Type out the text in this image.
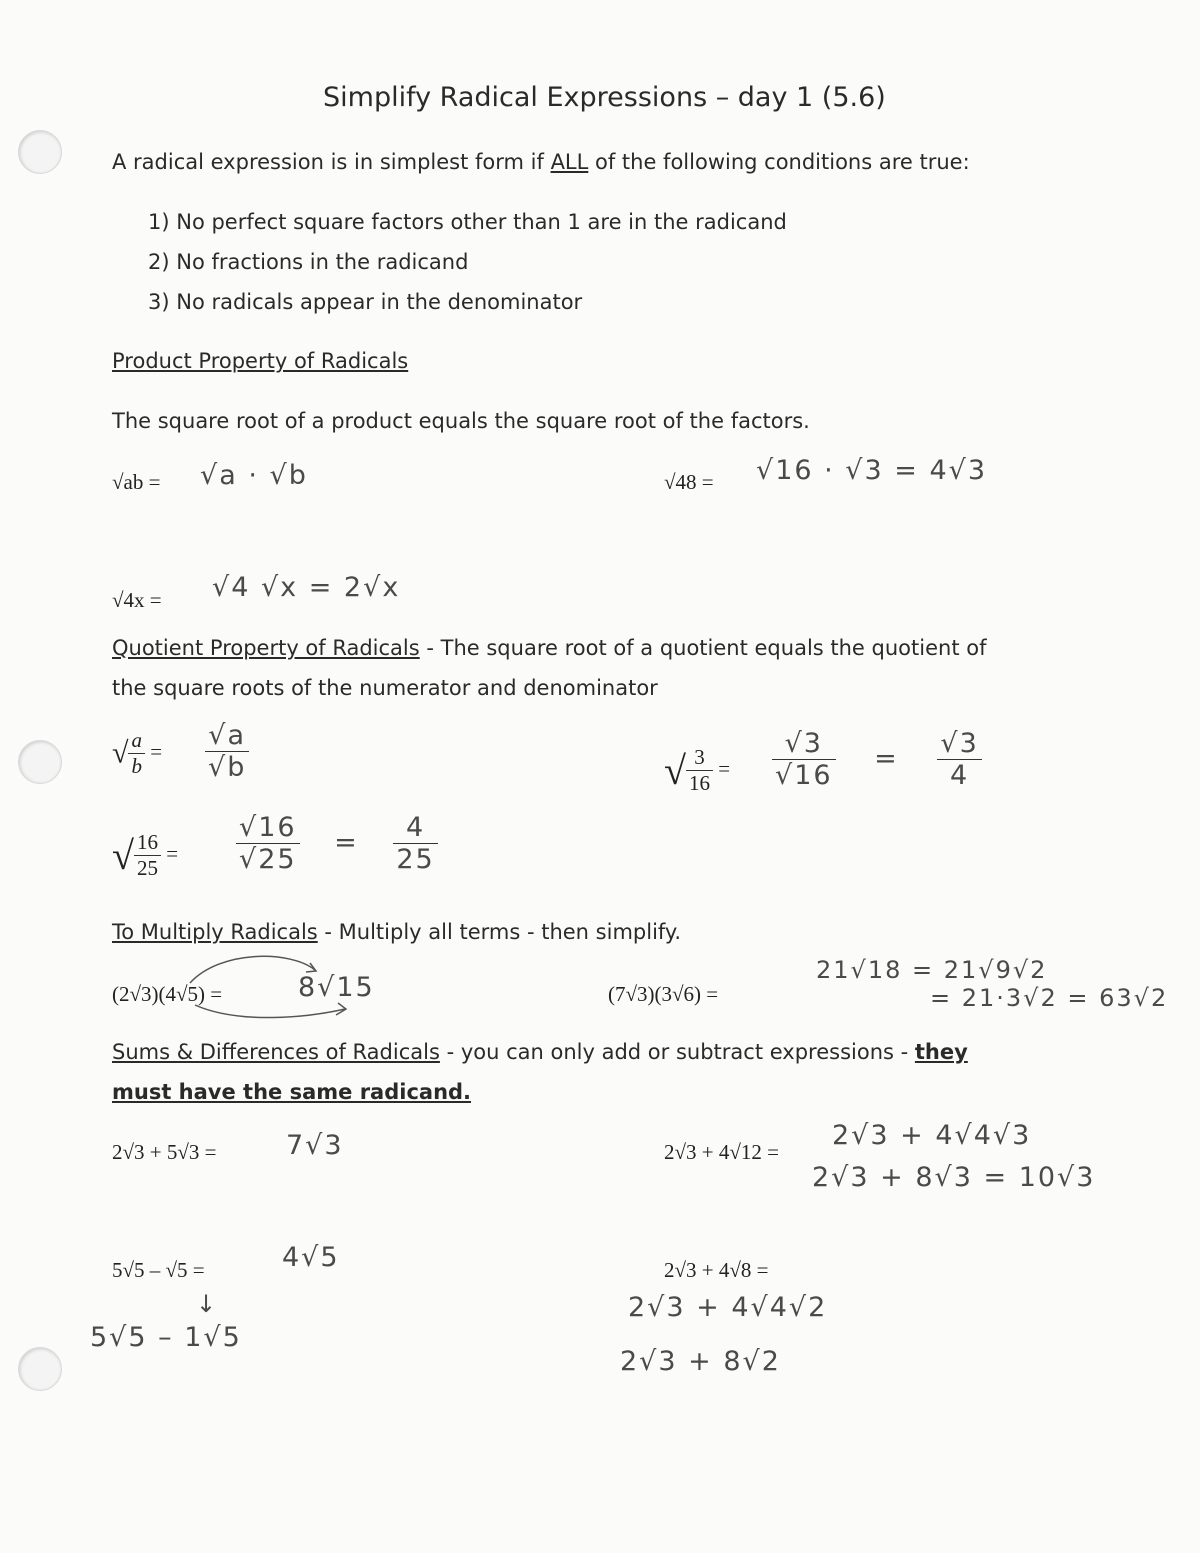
Simplify Radical Expressions – day 1 (5.6)
A radical expression is in simplest form if ALL of the following conditions are true:
1) No perfect square factors other than 1 are in the radicand
2) No fractions in the radicand
3) No radicals appear in the denominator
Product Property of Radicals
The square root of a product equals the square root of the factors.
√ab = √a · √b	√48 = √16 · √3 = 4√3
√4x = √4 √x = 2√x
Quotient Property of Radicals - The square root of a quotient equals the quotient of
the square roots of the numerator and denominator
√ $\frac{a}{b} = \frac{√a}{√b}$	√ $\frac{3}{16} = \frac{√3}{√16} = \frac{√3}{4}$
√ $\frac{16}{25} = \frac{√16}{√25} = \frac{4}{25}$
To Multiply Radicals - Multiply all terms - then simplify.
(2√3)(4√5) =	8√15	(7√3)(3√6) =
21√18 = 21√9√2
= 21·3√2 = 63√2
Sums & Differences of Radicals - you can only add or subtract expressions - they
must have the same radicand.
2√3 + 5√3 =	7√3	2√3 + 4√12 =
2√3 + 4√4√3
2√3 + 8√3 = 10√3
5√5 – √5 =	4√5
↓
5√5 – 1√5
2√3 + 4√8 =
2√3 + 4√4√2
2√3 + 8√2
